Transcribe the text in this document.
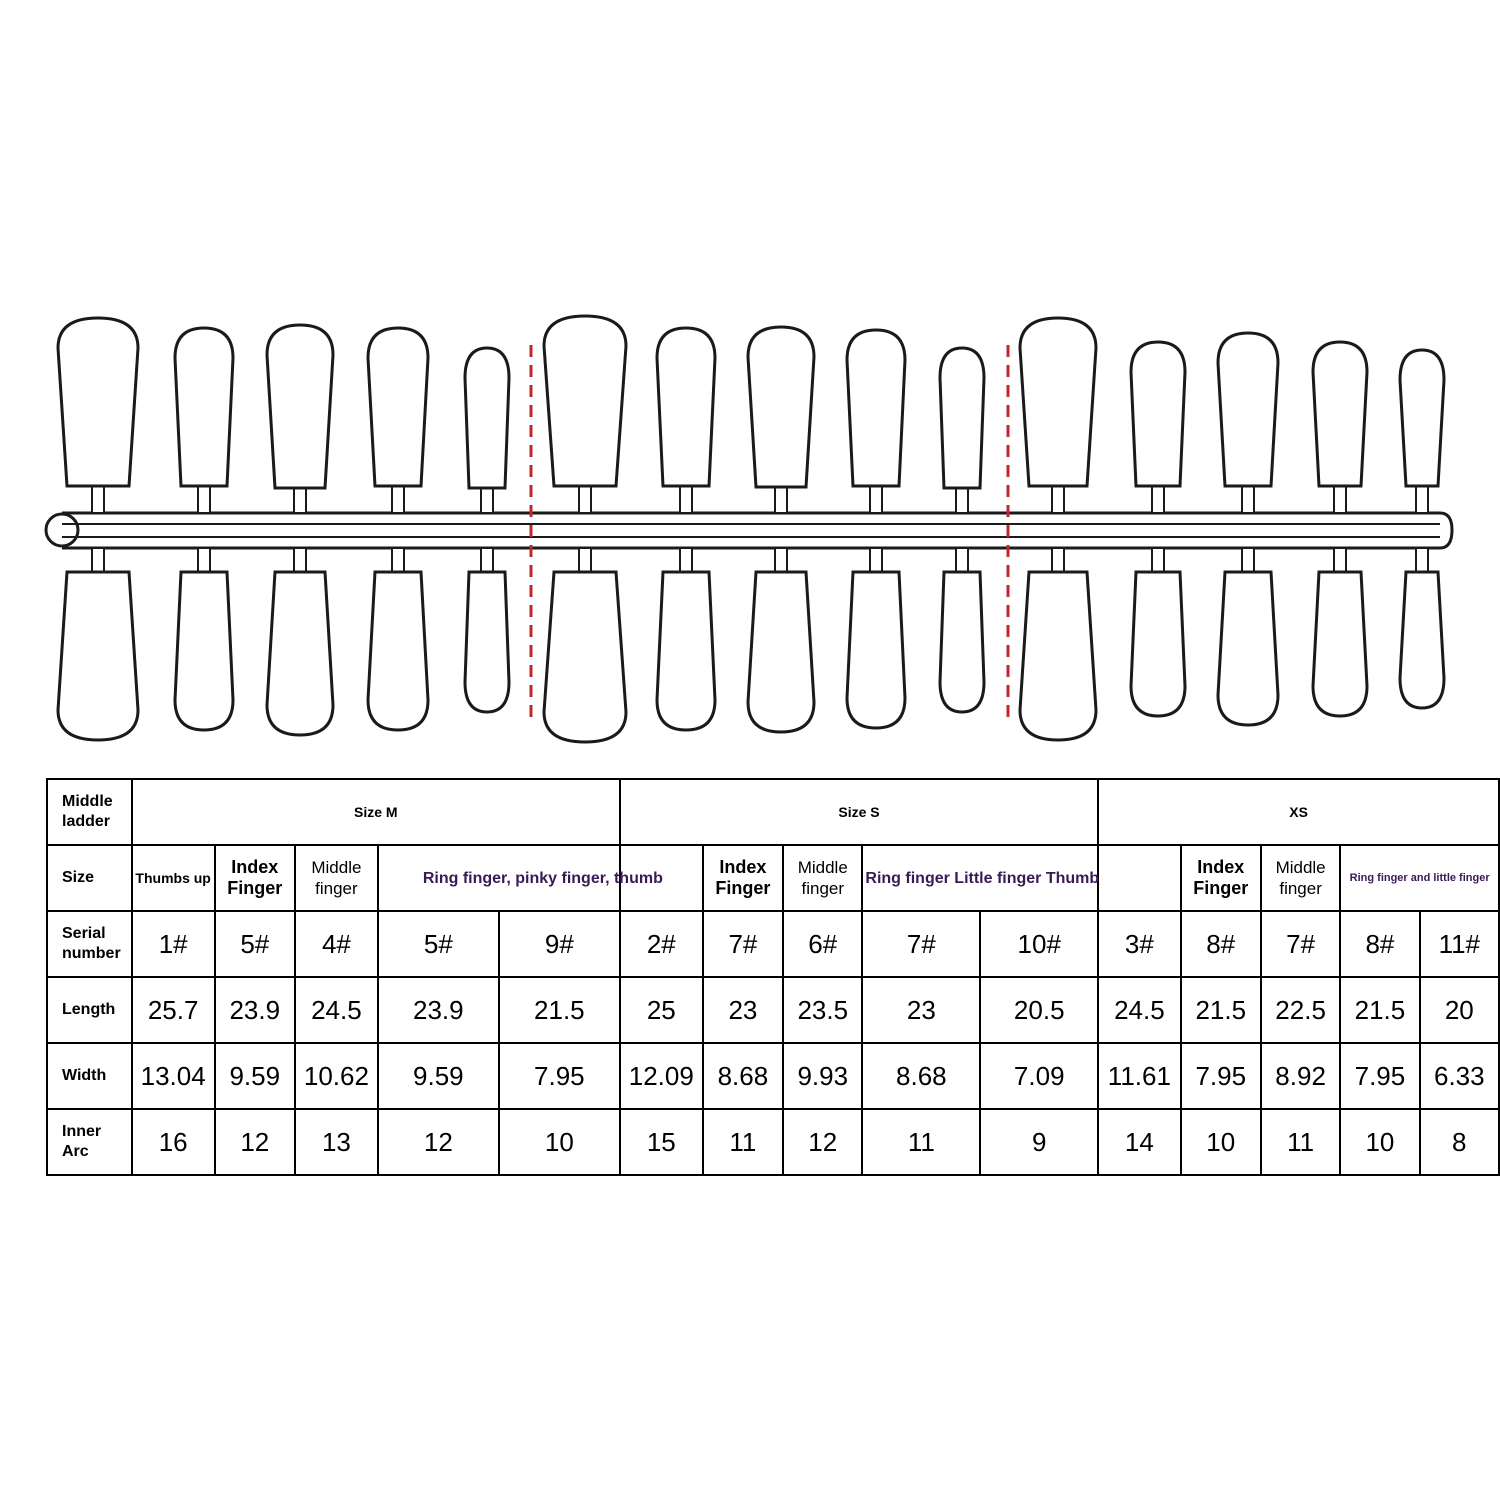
Middle ladder	Size M					Size S					XS				
Size	Thumbs up	Index Finger	Middle finger	Ring finger, pinky finger, thumb			Index Finger	Middle finger	Ring finger Little finger Thumb			Index Finger	Middle finger	Ring finger and little finger	
Serial number	1#	5#	4#	5#	9#	2#	7#	6#	7#	10#	3#	8#	7#	8#	11#
Length	25.7	23.9	24.5	23.9	21.5	25	23	23.5	23	20.5	24.5	21.5	22.5	21.5	20
Width	13.04	9.59	10.62	9.59	7.95	12.09	8.68	9.93	8.68	7.09	11.61	7.95	8.92	7.95	6.33
Inner Arc	16	12	13	12	10	15	11	12	11	9	14	10	11	10	8
